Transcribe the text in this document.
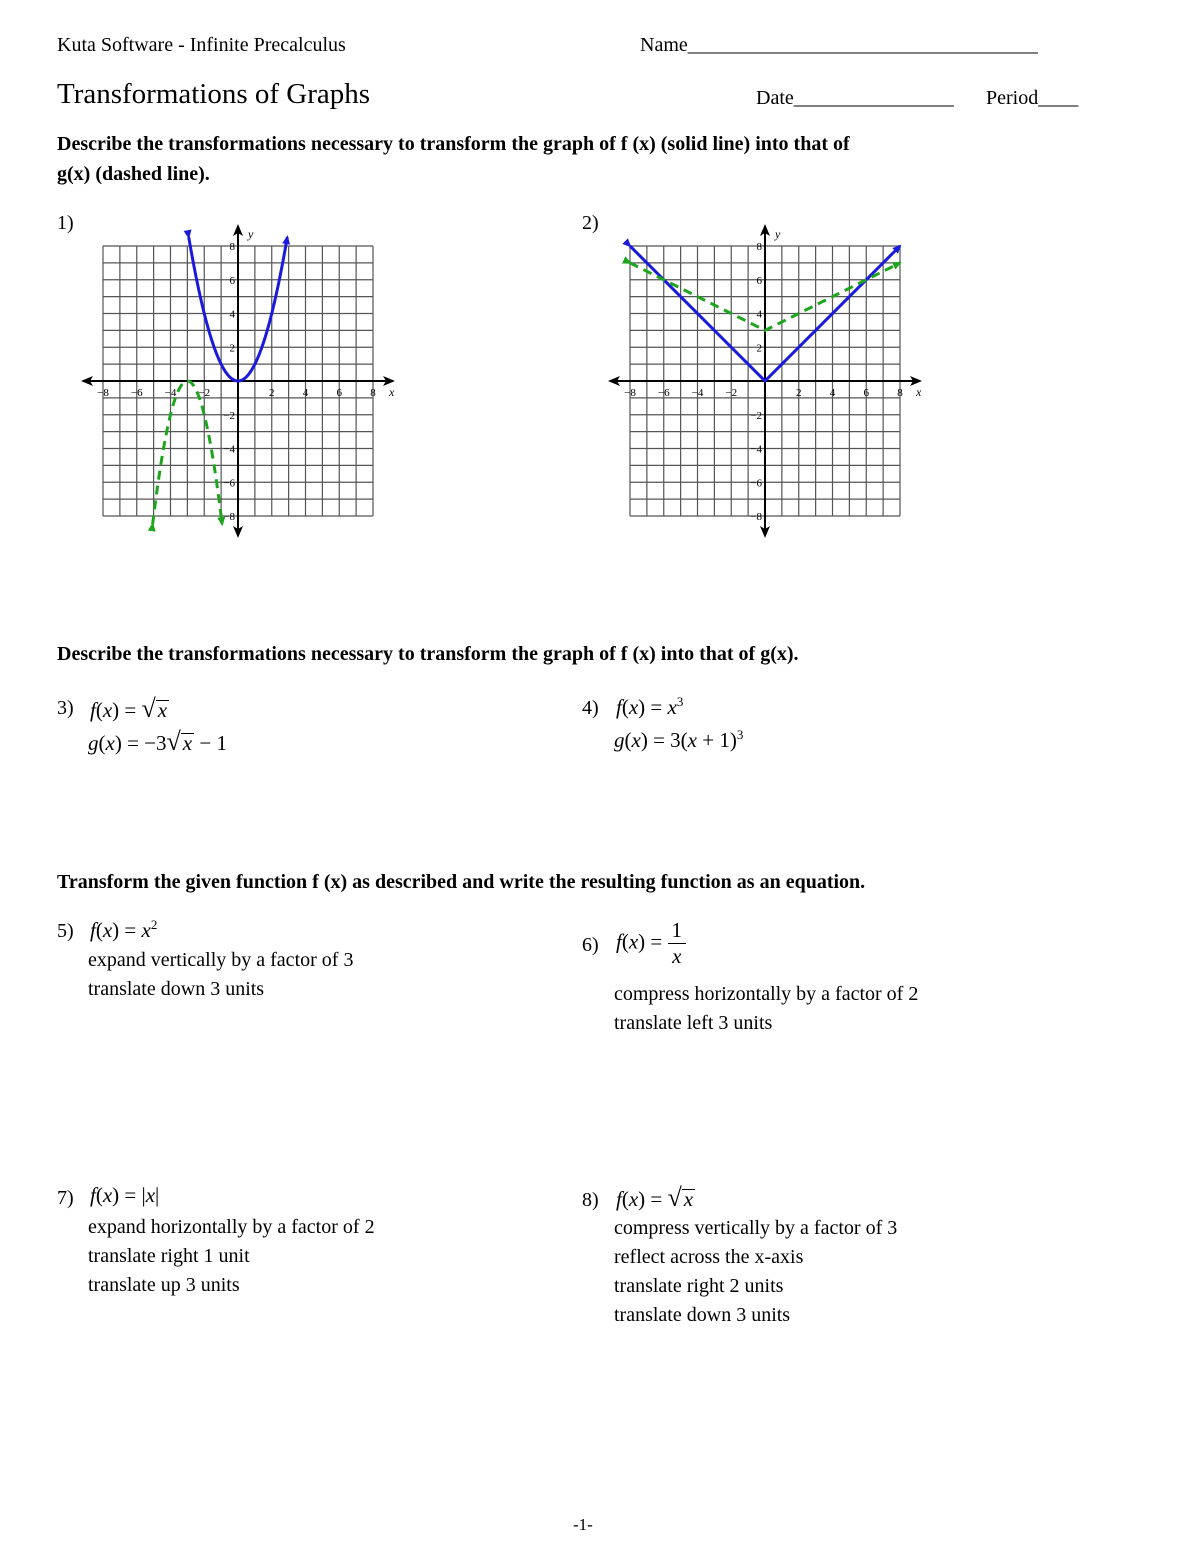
Kuta Software - Infinite Precalculus	Name___________________________________
Transformations of Graphs	Date________________ Period____
Describe the transformations necessary to transform the graph of f (x) (solid line) into that of
g(x) (dashed line).
1)	2)
−8 −6 −4 −2	2	4	6	8
8
6
4
2
−2
−4
−6
−8
x
y
−8 −6 −4 −2	2	4	6	8
8
6
4
2
−2
−4
−6
−8
x
y
Describe the transformations necessary to transform the graph of f (x) into that of g(x).
3) f(x) = √x
g(x) = −3√x − 1
4) $f(x) = x^3$
$g(x) = 3(x + 1)^3$
Transform the given function f (x) as described and write the resulting function as an equation.
5) $f(x) = x^2$
expand vertically by a factor of 3
translate down 3 units
6) $f(x) = \frac{1}{x}$
compress horizontally by a factor of 2
translate left 3 units
7) f(x) = |x|
expand horizontally by a factor of 2
translate right 1 unit
translate up 3 units
8) f(x) = √x
compress vertically by a factor of 3
reflect across the x-axis
translate right 2 units
translate down 3 units
-1-
